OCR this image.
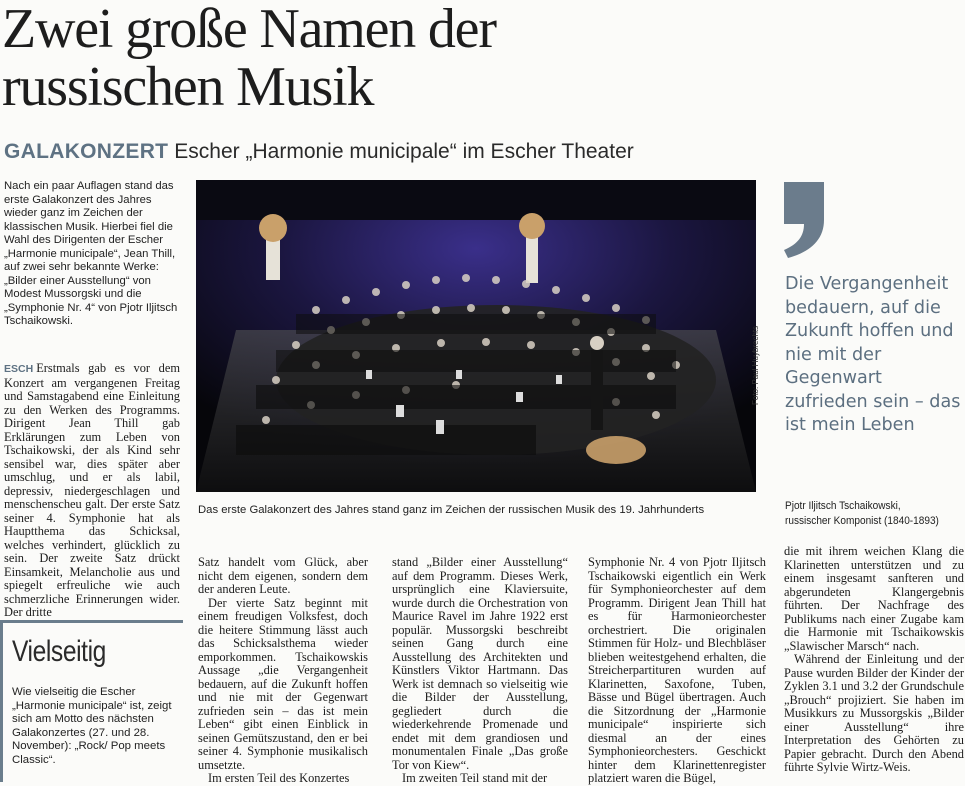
Zwei große Namen der russischen Musik
GALAKONZERT Escher „Harmonie municipale“ im Escher Theater

Nach ein paar Auflagen stand das erste Galakonzert des Jahres wieder ganz im Zeichen der klassischen Musik. Hierbei fiel die Wahl des Dirigenten der Escher „Harmonie municipale“, Jean Thill, auf zwei sehr bekannte Werke: „Bilder einer Ausstellung“ von Modest Mussorgski und die „Symphonie Nr. 4“ von Pjotr Iljitsch Tschaikowski.

Foto: Paul Huybrechts

Das erste Galakonzert des Jahres stand ganz im Zeichen der russischen Musik des 19. Jahrhunderts

ESCH Erstmals gab es vor dem Konzert am vergangenen Freitag und Samstagabend eine Einleitung zu den Werken des Programms. Dirigent Jean Thill gab Erklärungen zum Leben von Tschaikowski, der als Kind sehr sensibel war, dies später aber umschlug, und er als labil, depressiv, niedergeschlagen und menschenscheu galt. Der erste Satz seiner 4. Symphonie hat als Hauptthema das Schicksal, welches verhindert, glücklich zu sein. Der zweite Satz drückt Einsamkeit, Melancholie aus und spiegelt erfreuliche wie auch schmerzliche Erinnerungen wider. Der dritte

Satz handelt vom Glück, aber nicht dem eigenen, sondern dem der anderen Leute.

Der vierte Satz beginnt mit einem freudigen Volksfest, doch die heitere Stimmung lässt auch das Schicksalsthema wieder emporkommen. Tschaikowskis Aussage „die Vergangenheit bedauern, auf die Zukunft hoffen und nie mit der Gegenwart zufrieden sein – das ist mein Leben“ gibt einen Einblick in seinen Gemütszustand, den er bei seiner 4. Symphonie musikalisch umsetzte.

Im ersten Teil des Konzertes

stand „Bilder einer Ausstellung“ auf dem Programm. Dieses Werk, ursprünglich eine Klaviersuite, wurde durch die Orchestration von Maurice Ravel im Jahre 1922 erst populär. Mussorgski beschreibt seinen Gang durch eine Ausstellung des Architekten und Künstlers Viktor Hartmann. Das Werk ist demnach so vielseitig wie die Bilder der Ausstellung, gegliedert durch die wiederkehrende Promenade und endet mit dem grandiosen und monumentalen Finale „Das große Tor von Kiew“.

Im zweiten Teil stand mit der

Symphonie Nr. 4 von Pjotr Iljitsch Tschaikowski eigentlich ein Werk für Symphonieorchester auf dem Programm. Dirigent Jean Thill hat es für Harmonieorchester orchestriert. Die originalen Stimmen für Holz- und Blechbläser blieben weitestgehend erhalten, die Streicherpartituren wurden auf Klarinetten, Saxofone, Tuben, Bässe und Bügel übertragen. Auch die Sitzordnung der „Harmonie municipale“ inspirierte sich diesmal an der eines Symphonieorchesters. Geschickt hinter dem Klarinettenregister platziert waren die Bügel,

die mit ihrem weichen Klang die Klarinetten unterstützen und zu einem insgesamt sanfteren und abgerundeten Klangergebnis führten. Der Nachfrage des Publikums nach einer Zugabe kam die Harmonie mit Tschaikowskis „Slawischer Marsch“ nach.

Während der Einleitung und der Pause wurden Bilder der Kinder der Zyklen 3.1 und 3.2 der Grundschule „Brouch“ projiziert. Sie haben im Musikkurs zu Mussorgskis „Bilder einer Ausstellung“ ihre Interpretation des Gehörten zu Papier gebracht. Durch den Abend führte Sylvie Wirtz-Weis.

Die Vergangenheit bedauern, auf die Zukunft hoffen und nie mit der Gegenwart zufrieden sein – das ist mein Leben

Pjotr Iljitsch Tschaikowski,
russischer Komponist (1840-1893)
Vielseitig

Wie vielseitig die Escher „Harmonie municipale“ ist, zeigt sich am Motto des nächsten Galakonzertes (27. und 28. November): „Rock/ Pop meets Classic“.
